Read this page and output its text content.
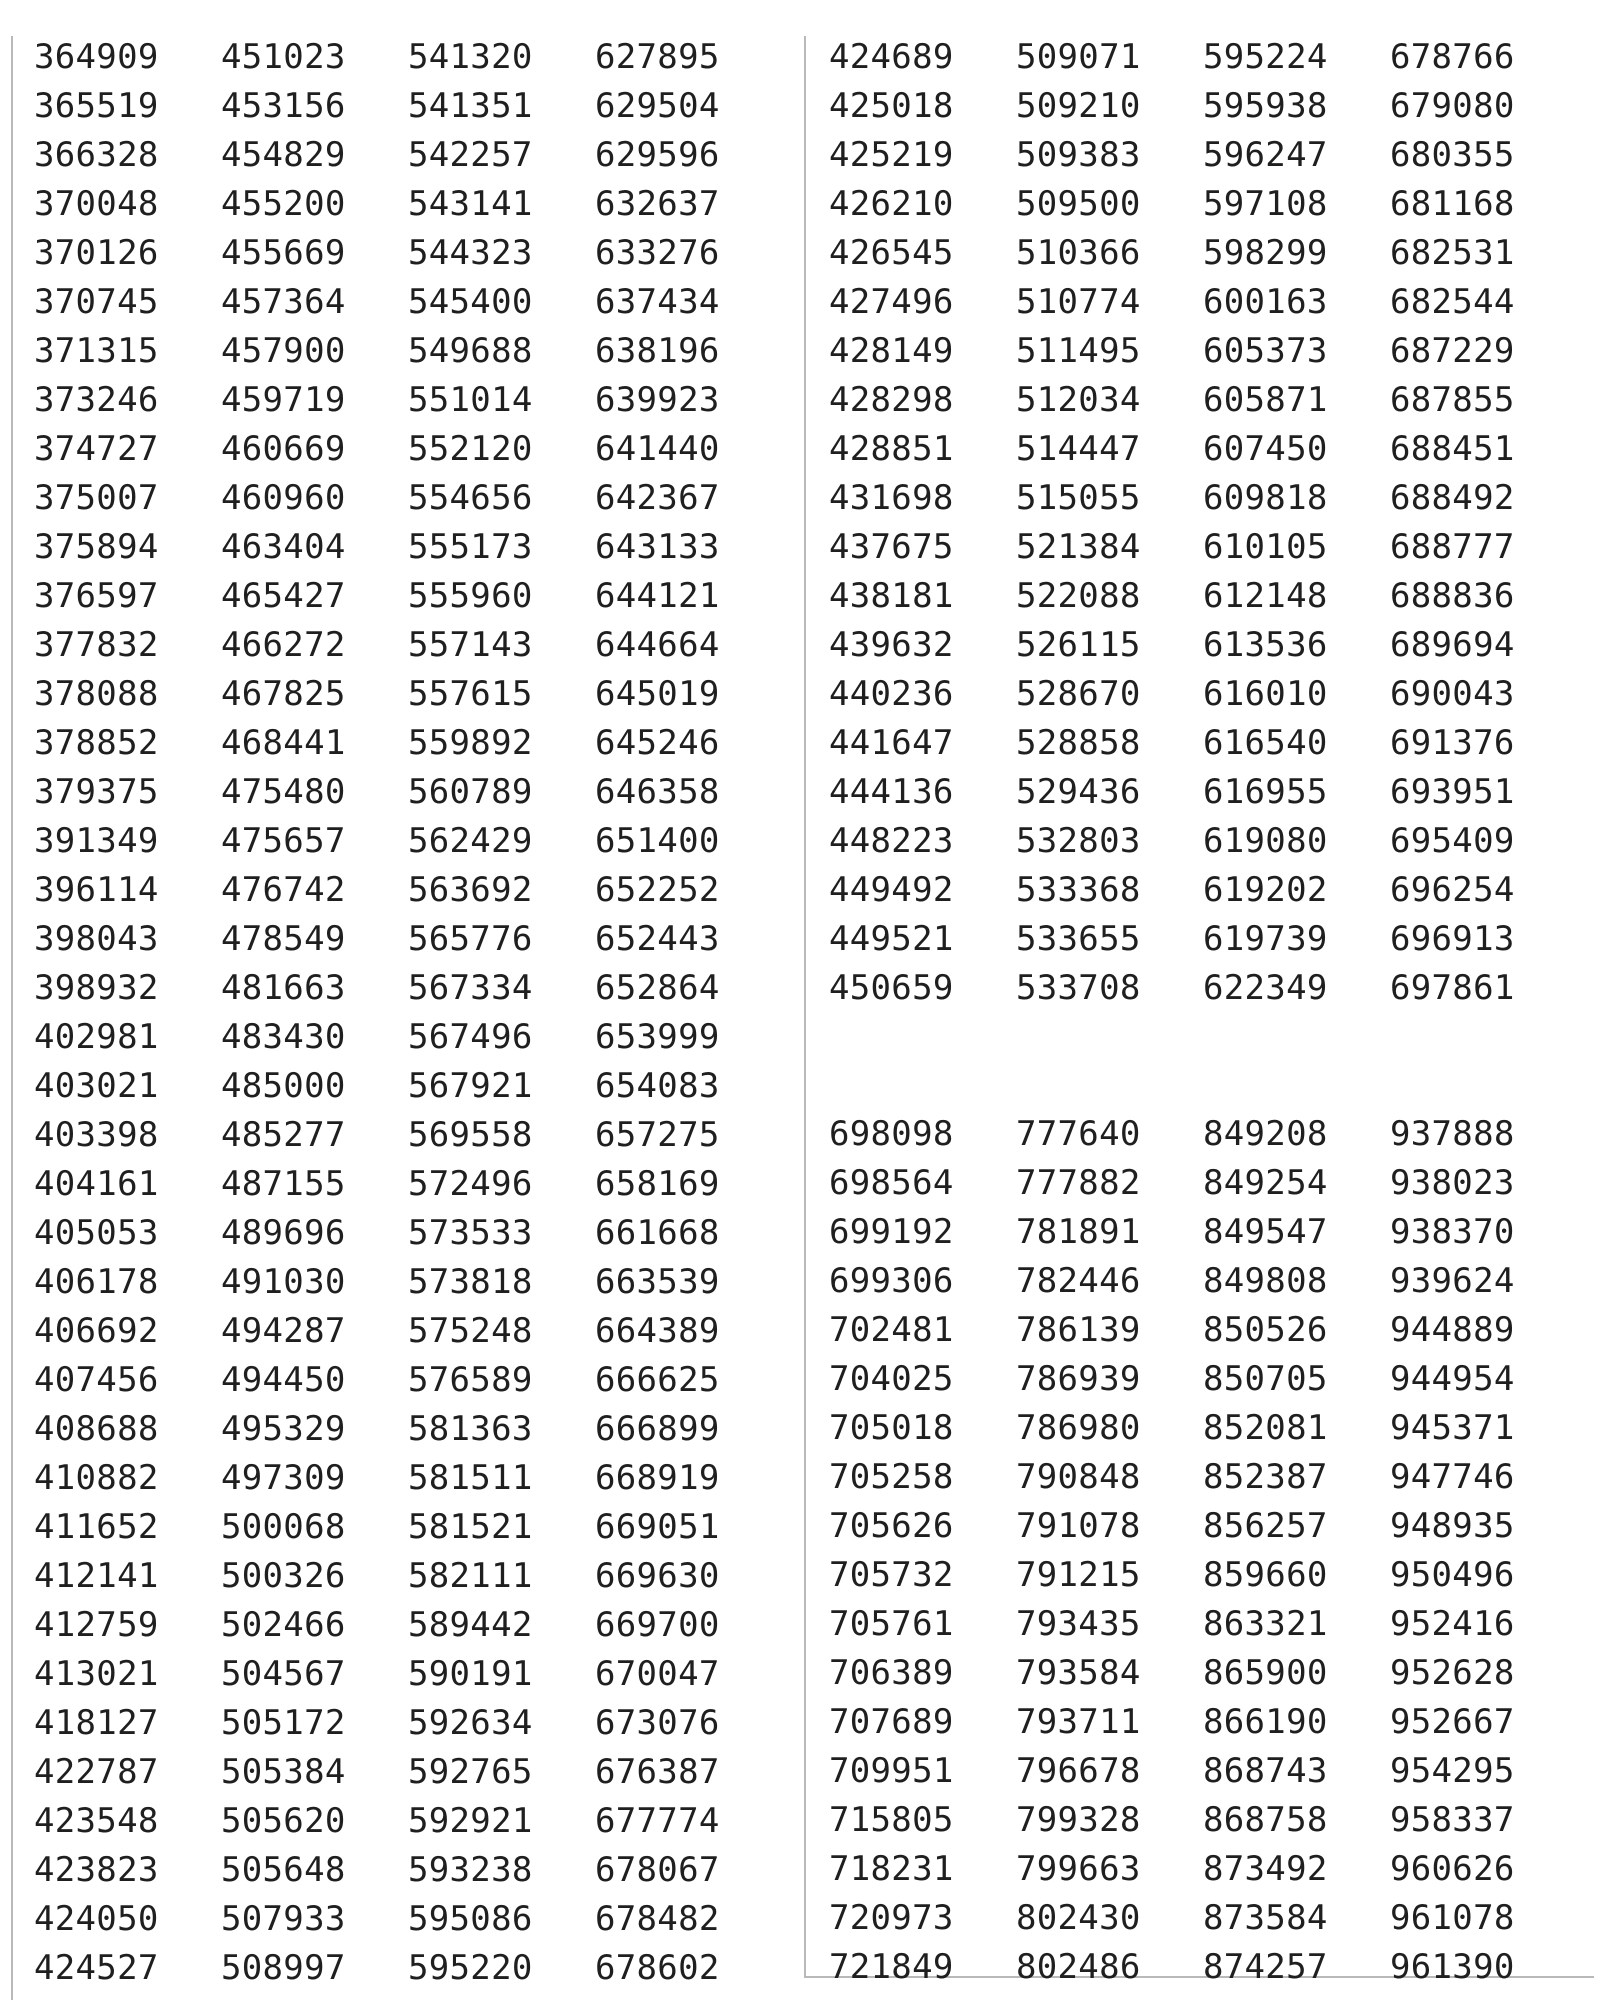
364909	451023	541320	627895
365519	453156	541351	629504
366328	454829	542257	629596
370048	455200	543141	632637
370126	455669	544323	633276
370745	457364	545400	637434
371315	457900	549688	638196
373246	459719	551014	639923
374727	460669	552120	641440
375007	460960	554656	642367
375894	463404	555173	643133
376597	465427	555960	644121
377832	466272	557143	644664
378088	467825	557615	645019
378852	468441	559892	645246
379375	475480	560789	646358
391349	475657	562429	651400
396114	476742	563692	652252
398043	478549	565776	652443
398932	481663	567334	652864
402981	483430	567496	653999
403021	485000	567921	654083
403398	485277	569558	657275
404161	487155	572496	658169
405053	489696	573533	661668
406178	491030	573818	663539
406692	494287	575248	664389
407456	494450	576589	666625
408688	495329	581363	666899
410882	497309	581511	668919
411652	500068	581521	669051
412141	500326	582111	669630
412759	502466	589442	669700
413021	504567	590191	670047
418127	505172	592634	673076
422787	505384	592765	676387
423548	505620	592921	677774
423823	505648	593238	678067
424050	507933	595086	678482
424527	508997	595220	678602
424689	509071	595224	678766
425018	509210	595938	679080
425219	509383	596247	680355
426210	509500	597108	681168
426545	510366	598299	682531
427496	510774	600163	682544
428149	511495	605373	687229
428298	512034	605871	687855
428851	514447	607450	688451
431698	515055	609818	688492
437675	521384	610105	688777
438181	522088	612148	688836
439632	526115	613536	689694
440236	528670	616010	690043
441647	528858	616540	691376
444136	529436	616955	693951
448223	532803	619080	695409
449492	533368	619202	696254
449521	533655	619739	696913
450659	533708	622349	697861
698098	777640	849208	937888
698564	777882	849254	938023
699192	781891	849547	938370
699306	782446	849808	939624
702481	786139	850526	944889
704025	786939	850705	944954
705018	786980	852081	945371
705258	790848	852387	947746
705626	791078	856257	948935
705732	791215	859660	950496
705761	793435	863321	952416
706389	793584	865900	952628
707689	793711	866190	952667
709951	796678	868743	954295
715805	799328	868758	958337
718231	799663	873492	960626
720973	802430	873584	961078
721849	802486	874257	961390
